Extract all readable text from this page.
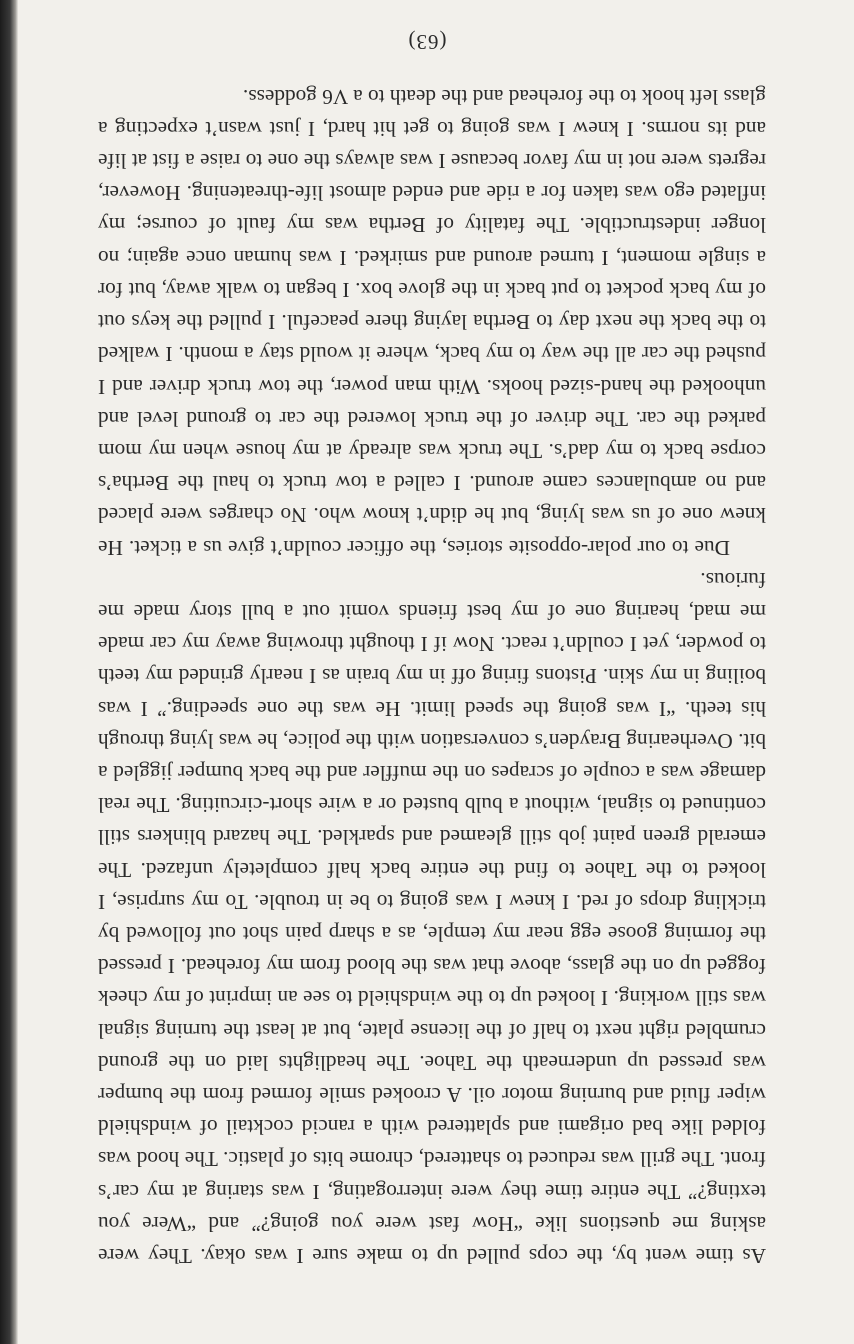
As time went by, the cops pulled up to make sure I was okay. They were asking me questions like “How fast were you going?” and “Were you texting?” The entire time they were interrogating, I was staring at my car’s front. The grill was reduced to shattered, chrome bits of plastic. The hood was folded like bad origami and splattered with a rancid cocktail of windshield wiper fluid and burning motor oil. A crooked smile formed from the bumper was pressed up underneath the Tahoe. The headlights laid on the ground crumbled right next to half of the license plate, but at least the turning signal was still working. I looked up to the windshield to see an imprint of my cheek fogged up on the glass, above that was the blood from my forehead. I pressed the forming goose egg near my temple, as a sharp pain shot out followed by trickling drops of red. I knew I was going to be in trouble. To my surprise, I looked to the Tahoe to find the entire back half completely unfazed. The emerald green paint job still gleamed and sparkled. The hazard blinkers still continued to signal, without a bulb busted or a wire short-circuiting. The real damage was a couple of scrapes on the muffler and the back bumper jiggled a bit. Overhearing Brayden’s conversation with the police, he was lying through his teeth. “I was going the speed limit. He was the one speeding.” I was boiling in my skin. Pistons firing off in my brain as I nearly grinded my teeth to powder, yet I couldn’t react. Now if I thought throwing away my car made me mad, hearing one of my best friends vomit out a bull story made me furious.

Due to our polar-opposite stories, the officer couldn’t give us a ticket. He knew one of us was lying, but he didn’t know who. No charges were placed and no ambulances came around. I called a tow truck to haul the Bertha’s corpse back to my dad’s. The truck was already at my house when my mom parked the car. The driver of the truck lowered the car to ground level and unhooked the hand-sized hooks. With man power, the tow truck driver and I pushed the car all the way to my back, where it would stay a month. I walked to the back the next day to Bertha laying there peaceful. I pulled the keys out of my back pocket to put back in the glove box. I began to walk away, but for a single moment, I turned around and smirked. I was human once again; no longer indestructible. The fatality of Bertha was my fault of course; my inflated ego was taken for a ride and ended almost life-threatening. However, regrets were not in my favor because I was always the one to raise a fist at life and its norms. I knew I was going to get hit hard, I just wasn’t expecting a glass left hook to the forehead and the death to a V6 goddess.

(63)
